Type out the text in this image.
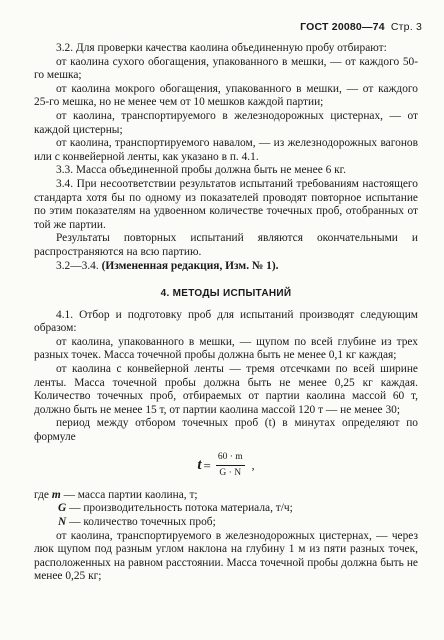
ГОСТ 20080—74 Стр. 3

3.2. Для проверки качества каолина объединенную пробу отбирают:

от каолина сухого обогащения, упакованного в мешки, — от каждого 50-го мешка;

от каолина мокрого обогащения, упакованного в мешки, — от каждого 25-го мешка, но не менее чем от 10 мешков каждой партии;

от каолина, транспортируемого в железнодорожных цистернах, — от каждой цистерны;

от каолина, транспортируемого навалом, — из железнодорожных вагонов или с конвейерной ленты, как указано в п. 4.1.

3.3. Масса объединенной пробы должна быть не менее 6 кг.

3.4. При несоответствии результатов испытаний требованиям настоящего стандарта хотя бы по одному из показателей проводят повторное испытание по этим показателям на удвоенном количестве точечных проб, отобранных от той же партии.

Результаты повторных испытаний являются окончательными и распространяются на всю партию.

3.2—3.4. (Измененная редакция, Изм. № 1).

4. МЕТОДЫ ИСПЫТАНИЙ

4.1. Отбор и подготовку проб для испытаний производят следующим образом:

от каолина, упакованного в мешки, — щупом по всей глубине из трех разных точек. Масса точечной пробы должна быть не менее 0,1 кг каждая;

от каолина с конвейерной ленты — тремя отсечками по всей ширине ленты. Масса точечной пробы должна быть не менее 0,25 кг каждая. Количество точечных проб, отбираемых от партии каолина массой 60 т, должно быть не менее 15 т, от партии каолина массой 120 т — не менее 30;

период между отбором точечных проб (t) в минутах определяют по формуле

$t = \frac{60 \cdot m}{G \cdot N}$ ,
где m — масса партии каолина, т;
G — производительность потока материала, т/ч;
N — количество точечных проб;

от каолина, транспортируемого в железнодорожных цистернах, — через люк щупом под разным углом наклона на глубину 1 м из пяти разных точек, расположенных на равном расстоянии. Масса точечной пробы должна быть не менее 0,25 кг;
